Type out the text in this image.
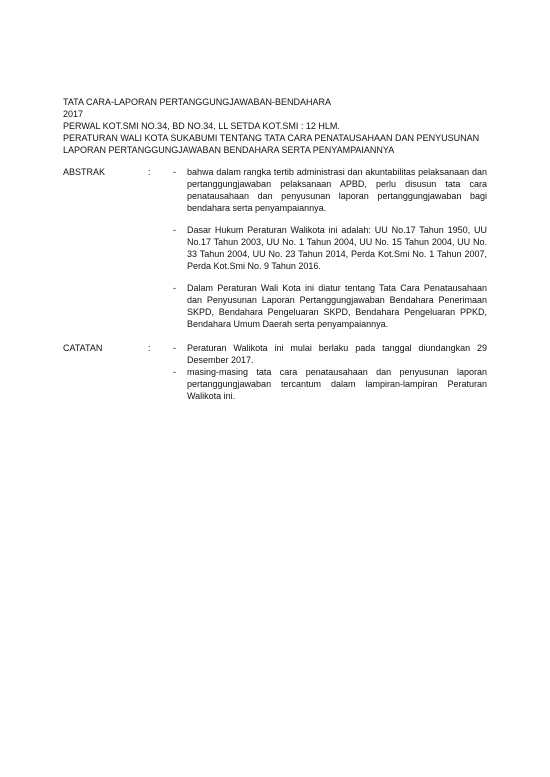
TATA CARA-LAPORAN PERTANGGUNGJAWABAN-BENDAHARA
2017
PERWAL KOT.SMI NO.34, BD NO.34, LL SETDA KOT.SMI : 12 HLM.
PERATURAN WALI KOTA SUKABUMI TENTANG TATA CARA PENATAUSAHAAN DAN PENYUSUNAN
LAPORAN PERTANGGUNGJAWABAN BENDAHARA SERTA PENYAMPAIANNYA
ABSTRAK	:	-	bahwa dalam rangka tertib administrasi dan akuntabilitas pelaksanaan dan pertanggungjawaban pelaksanaan APBD, perlu disusun tata cara penatausahaan dan penyusunan laporan pertanggungjawaban bagi bendahara serta penyampaiannya.
-	Dasar Hukum Peraturan Walikota ini adalah: UU No.17 Tahun 1950, UU No.17 Tahun 2003, UU No. 1 Tahun 2004, UU No. 15 Tahun 2004, UU No. 33 Tahun 2004, UU No. 23 Tahun 2014, Perda Kot.Smi No. 1 Tahun 2007, Perda Kot.Smi No. 9 Tahun 2016.
-	Dalam Peraturan Wali Kota ini diatur tentang Tata Cara Penatausahaan dan Penyusunan Laporan Pertanggungjawaban Bendahara Penerimaan SKPD, Bendahara Pengeluaran SKPD, Bendahara Pengeluaran PPKD, Bendahara Umum Daerah serta penyampaiannya.
CATATAN	:	-	Peraturan Walikota ini mulai berlaku pada tanggal diundangkan 29 Desember 2017.
-	masing-masing tata cara penatausahaan dan penyusunan laporan pertanggungjawaban tercantum dalam lampiran-lampiran Peraturan Walikota ini.
